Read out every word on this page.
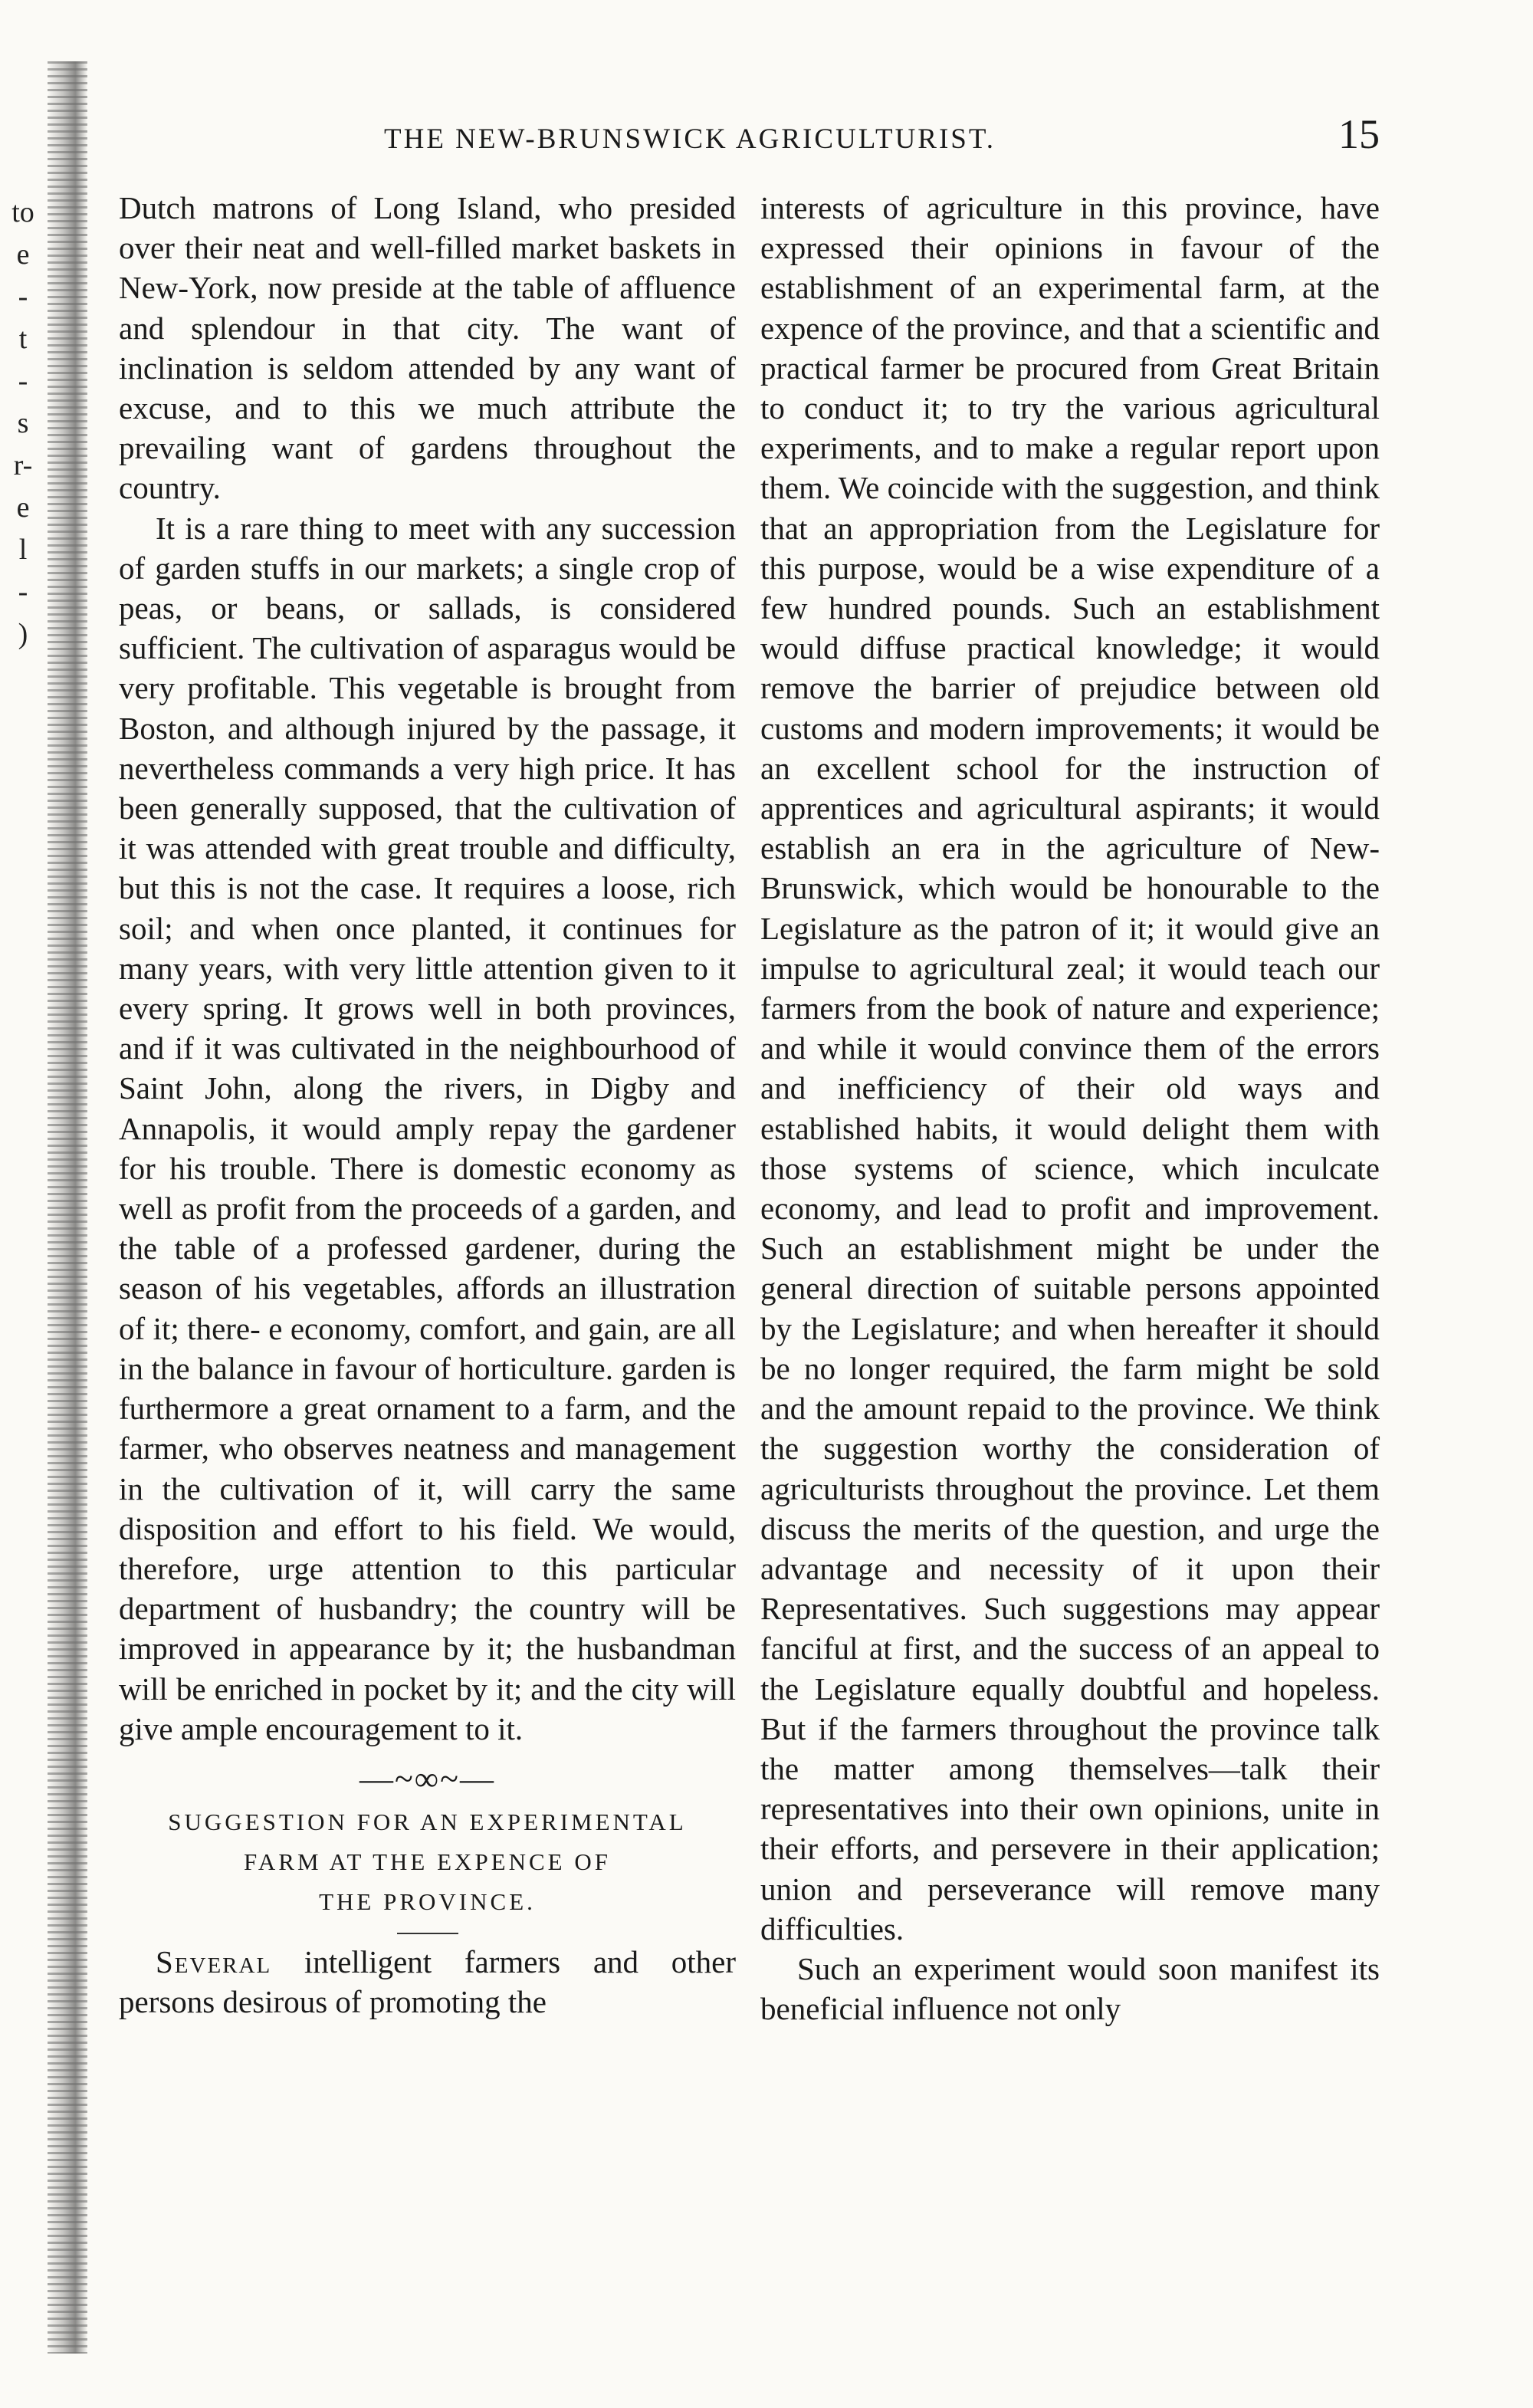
to
e
-
t
-
s
r-
e
l
-
)
THE NEW-BRUNSWICK AGRICULTURIST.	15

Dutch matrons of Long Island, who presided over their neat and well-filled market baskets in New-York, now preside at the table of affluence and splendour in that city. The want of inclination is seldom attended by any want of excuse, and to this we much attribute the prevailing want of gardens throughout the country.

It is a rare thing to meet with any succession of garden stuffs in our markets; a single crop of peas, or beans, or sallads, is considered sufficient. The cultivation of asparagus would be very profitable. This vegetable is brought from Boston, and although injured by the passage, it nevertheless commands a very high price. It has been generally supposed, that the cultivation of it was attended with great trouble and difficulty, but this is not the case. It requires a loose, rich soil; and when once planted, it continues for many years, with very little attention given to it every spring. It grows well in both provinces, and if it was cultivated in the neighbourhood of Saint John, along the rivers, in Digby and Annapolis, it would amply repay the gardener for his trouble. There is domestic economy as well as profit from the proceeds of a garden, and the table of a professed gardener, during the season of his vegetables, affords an illustration of it; there- e economy, comfort, and gain, are all in the balance in favour of horticulture. garden is furthermore a great ornament to a farm, and the farmer, who observes neatness and management in the cultivation of it, will carry the same disposition and effort to his field. We would, therefore, urge attention to this particular department of husbandry; the country will be improved in appearance by it; the husbandman will be enriched in pocket by it; and the city will give ample encouragement to it.

—~∞~—
SUGGESTION FOR AN EXPERIMENTAL
FARM AT THE EXPENCE OF
THE PROVINCE.

Several intelligent farmers and other persons desirous of promoting the

interests of agriculture in this province, have expressed their opinions in favour of the establishment of an experimental farm, at the expence of the province, and that a scientific and practical farmer be procured from Great Britain to conduct it; to try the various agricultural experiments, and to make a regular report upon them. We coincide with the suggestion, and think that an appropriation from the Legislature for this purpose, would be a wise expenditure of a few hundred pounds. Such an establishment would diffuse practical knowledge; it would remove the barrier of prejudice between old customs and modern improvements; it would be an excellent school for the instruction of apprentices and agricultural aspirants; it would establish an era in the agriculture of New-Brunswick, which would be honourable to the Legislature as the patron of it; it would give an impulse to agricultural zeal; it would teach our farmers from the book of nature and experience; and while it would convince them of the errors and inefficiency of their old ways and established habits, it would delight them with those systems of science, which inculcate economy, and lead to profit and improvement. Such an establishment might be under the general direction of suitable persons appointed by the Legislature; and when hereafter it should be no longer required, the farm might be sold and the amount repaid to the province. We think the suggestion worthy the consideration of agriculturists throughout the province. Let them discuss the merits of the question, and urge the advantage and necessity of it upon their Representatives. Such suggestions may appear fanciful at first, and the success of an appeal to the Legislature equally doubtful and hopeless. But if the farmers throughout the province talk the matter among themselves—talk their representatives into their own opinions, unite in their efforts, and persevere in their application; union and perseverance will remove many difficulties.

Such an experiment would soon manifest its beneficial influence not only
